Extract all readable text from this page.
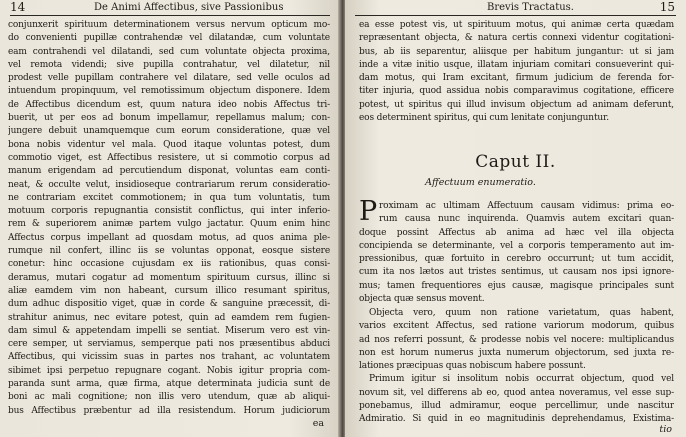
14	De Animi Affectibus, sive Passionibus
conjunxerit spirituum determinationem versus nervum opticum mo-
do convenienti pupillæ contrahendæ vel dilatandæ, cum voluntate
eam contrahendi vel dilatandi, sed cum voluntate objecta proxima,
vel remota videndi; sive pupilla contrahatur, vel dilatetur, nil
prodest velle pupillam contrahere vel dilatare, sed velle oculos ad
intuendum propinquum, vel remotissimum objectum disponere. Idem
de Affectibus dicendum est, quum natura ideo nobis Affectus tri-
buerit, ut per eos ad bonum impellamur, repellamus malum; con-
jungere debuit unamquemque cum eorum consideratione, quæ vel
bona nobis videntur vel mala. Quod itaque voluntas potest, dum
commotio viget, est Affectibus resistere, ut si commotio corpus ad
manum erigendam ad percutiendum disponat, voluntas eam conti-
neat, & occulte velut, insidioseque contrariarum rerum consideratio-
ne contrariam excitet commotionem; in qua tum voluntatis, tum
motuum corporis repugnantia consistit conflictus, qui inter inferio-
rem & superiorem animæ partem vulgo jactatur. Quum enim hinc
Affectus corpus impellant ad quosdam motus, ad quos anima ple-
rumque nil confert, illinc iis se voluntas opponat, eosque sistere
conetur: hinc occasione cujusdam ex iis rationibus, quas consi-
deramus, mutari cogatur ad momentum spirituum cursus, illinc si
aliæ eamdem vim non habeant, cursum illico resumant spiritus,
dum adhuc dispositio viget, quæ in corde & sanguine præcessit, di-
strahitur animus, nec evitare potest, quin ad eamdem rem fugien-
dam simul & appetendam impelli se sentiat. Miserum vero est vin-
cere semper, ut serviamus, semperque pati nos præsentibus abduci
Affectibus, qui vicissim suas in partes nos trahant, ac voluntatem
sibimet ipsi perpetuo repugnare cogant. Nobis igitur propria com-
paranda sunt arma, quæ firma, atque determinata judicia sunt de
boni ac mali cognitione; non illis vero utendum, quæ ab aliqui-
bus Affectibus præbentur ad illa resistendum. Horum judiciorum
ea
Brevis Tractatus.	15
ea esse potest vis, ut spirituum motus, qui animæ certa quædam
repræsentant objecta, & natura certis connexi videntur cogitationi-
bus, ab iis separentur, aliisque per habitum jungantur: ut si jam
inde a vitæ initio usque, illatam injuriam comitari consueverint qui-
dam motus, qui Iram excitant, firmum judicium de ferenda for-
titer injuria, quod assidua nobis comparavimus cogitatione, efficere
potest, ut spiritus qui illud invisum objectum ad animam deferunt,
eos determinent spiritus, qui cum lenitate conjunguntur.
Caput II.
Affectuum enumeratio.
P roximam ac ultimam Affectuum causam vidimus: prima eo-
rum causa nunc inquirenda. Quamvis autem excitari quan-
doque possint Affectus ab anima ad hæc vel illa objecta
concipienda se determinante, vel a corporis temperamento aut im-
pressionibus, quæ fortuito in cerebro occurrunt; ut tum accidit,
cum ita nos lætos aut tristes sentimus, ut causam nos ipsi ignore-
mus; tamen frequentiores ejus causæ, magisque principales sunt
objecta quæ sensus movent.
Objecta vero, quum non ratione varietatum, quas habent,
varios excitent Affectus, sed ratione variorum modorum, quibus
ad nos referri possunt, & prodesse nobis vel nocere: multiplicandus
non est horum numerus juxta numerum objectorum, sed juxta re-
lationes præcipuas quas nobiscum habere possunt.
Primum igitur si insolitum nobis occurrat objectum, quod vel
novum sit, vel differens ab eo, quod antea noveramus, vel esse sup-
ponebamus, illud admiramur, eoque percellimur, unde nascitur
Admiratio. Si quid in eo magnitudinis deprehendamus, Existima-
tio
